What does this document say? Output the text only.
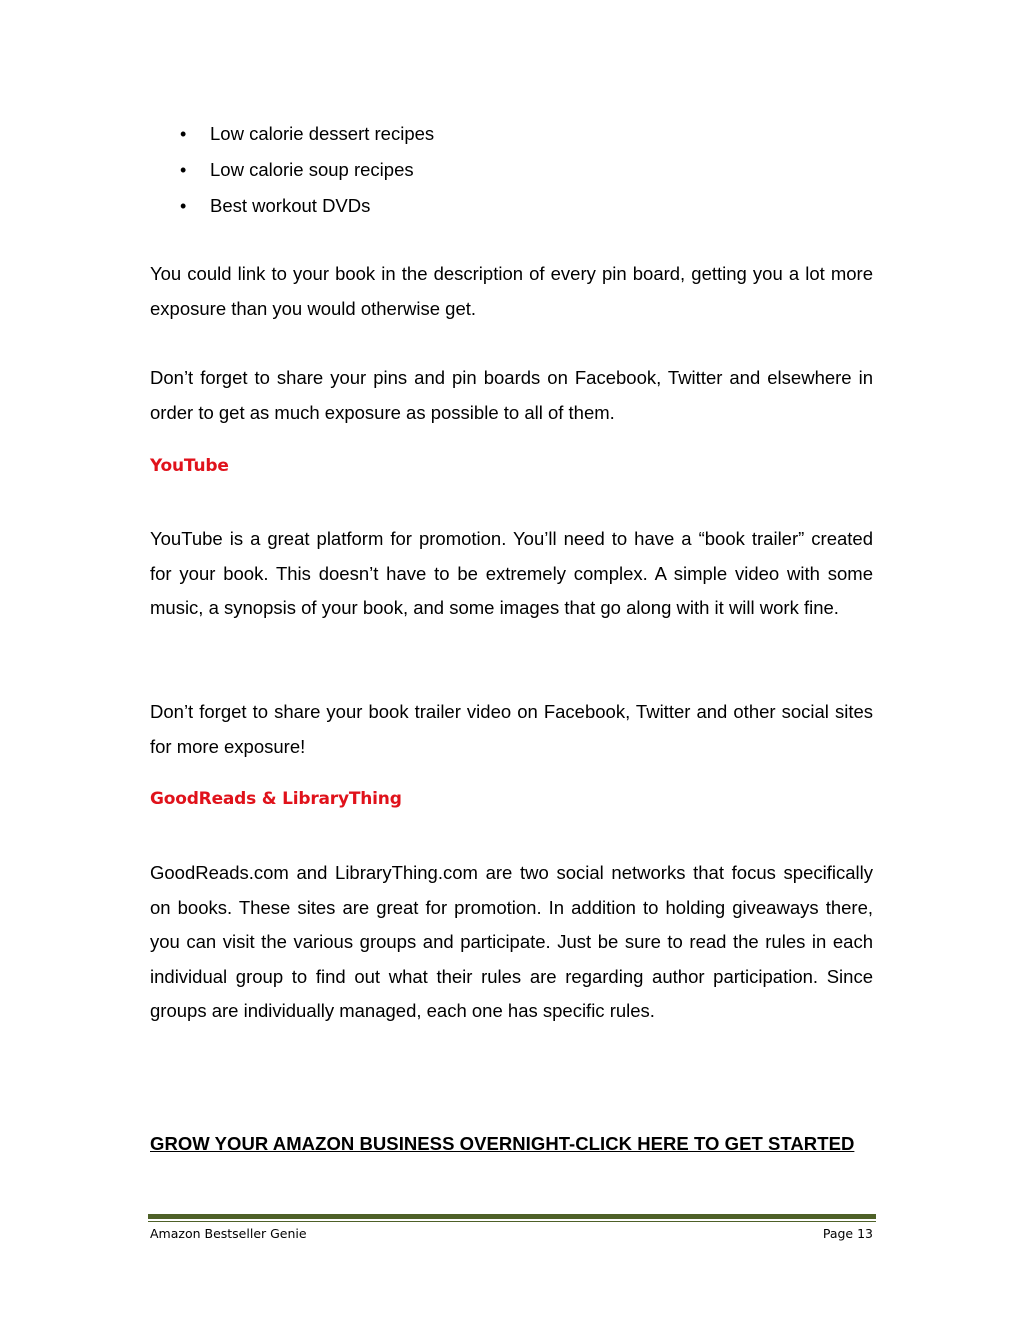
• Low calorie dessert recipes
• Low calorie soup recipes
• Best workout DVDs

You could link to your book in the description of every pin board, getting you a lot more exposure than you would otherwise get.

Don’t forget to share your pins and pin boards on Facebook, Twitter and elsewhere in order to get as much exposure as possible to all of them.

YouTube

YouTube is a great platform for promotion. You’ll need to have a “book trailer” created for your book. This doesn’t have to be extremely complex. A simple video with some music, a synopsis of your book, and some images that go along with it will work fine.

Don’t forget to share your book trailer video on Facebook, Twitter and other social sites for more exposure!

GoodReads & LibraryThing

GoodReads.com and LibraryThing.com are two social networks that focus specifically on books. These sites are great for promotion. In addition to holding giveaways there, you can visit the various groups and participate. Just be sure to read the rules in each individual group to find out what their rules are regarding author participation. Since groups are individually managed, each one has specific rules.

GROW YOUR AMAZON BUSINESS OVERNIGHT-CLICK HERE TO GET STARTED
Amazon Bestseller Genie	Page 13
